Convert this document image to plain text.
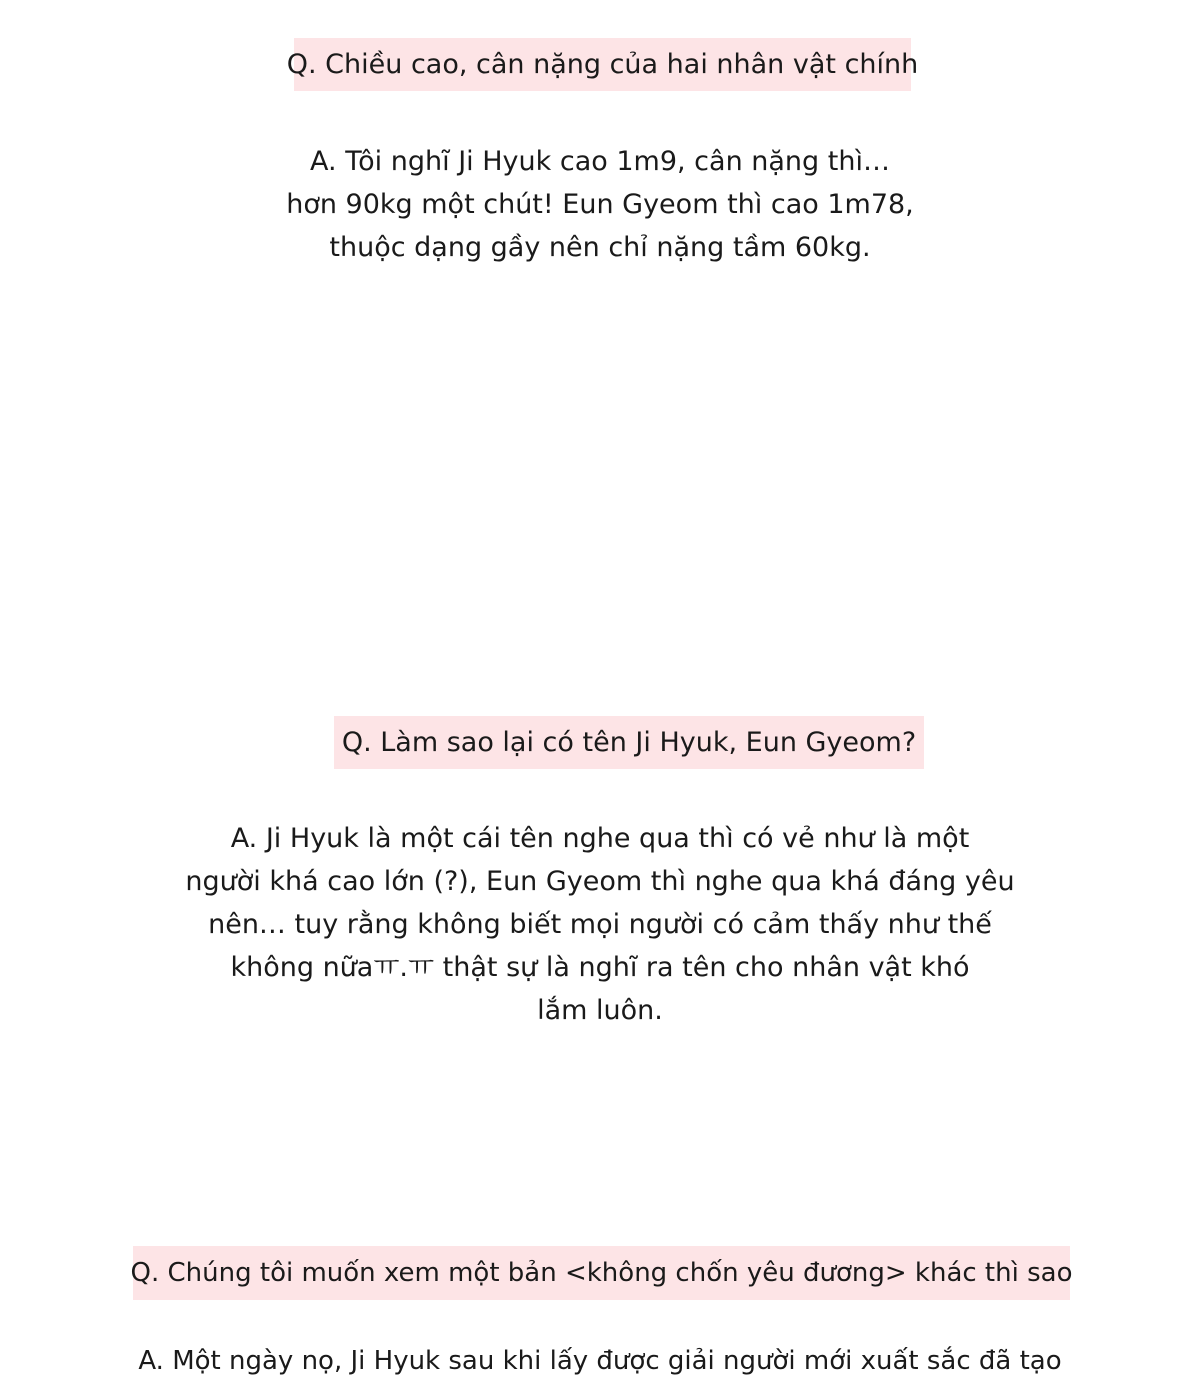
Q. Chiều cao, cân nặng của hai nhân vật chính
A. Tôi nghĩ Ji Hyuk cao 1m9, cân nặng thì…
hơn 90kg một chút! Eun Gyeom thì cao 1m78,
thuộc dạng gầy nên chỉ nặng tầm 60kg.
Q. Làm sao lại có tên Ji Hyuk, Eun Gyeom?
A. Ji Hyuk là một cái tên nghe qua thì có vẻ như là một
người khá cao lớn (?), Eun Gyeom thì nghe qua khá đáng yêu
nên… tuy rằng không biết mọi người có cảm thấy như thế
không nữaㅠ.ㅠ thật sự là nghĩ ra tên cho nhân vật khó
lắm luôn.
Q. Chúng tôi muốn xem một bản <không chốn yêu đương> khác thì sao
A. Một ngày nọ, Ji Hyuk sau khi lấy được giải người mới xuất sắc đã tạo
